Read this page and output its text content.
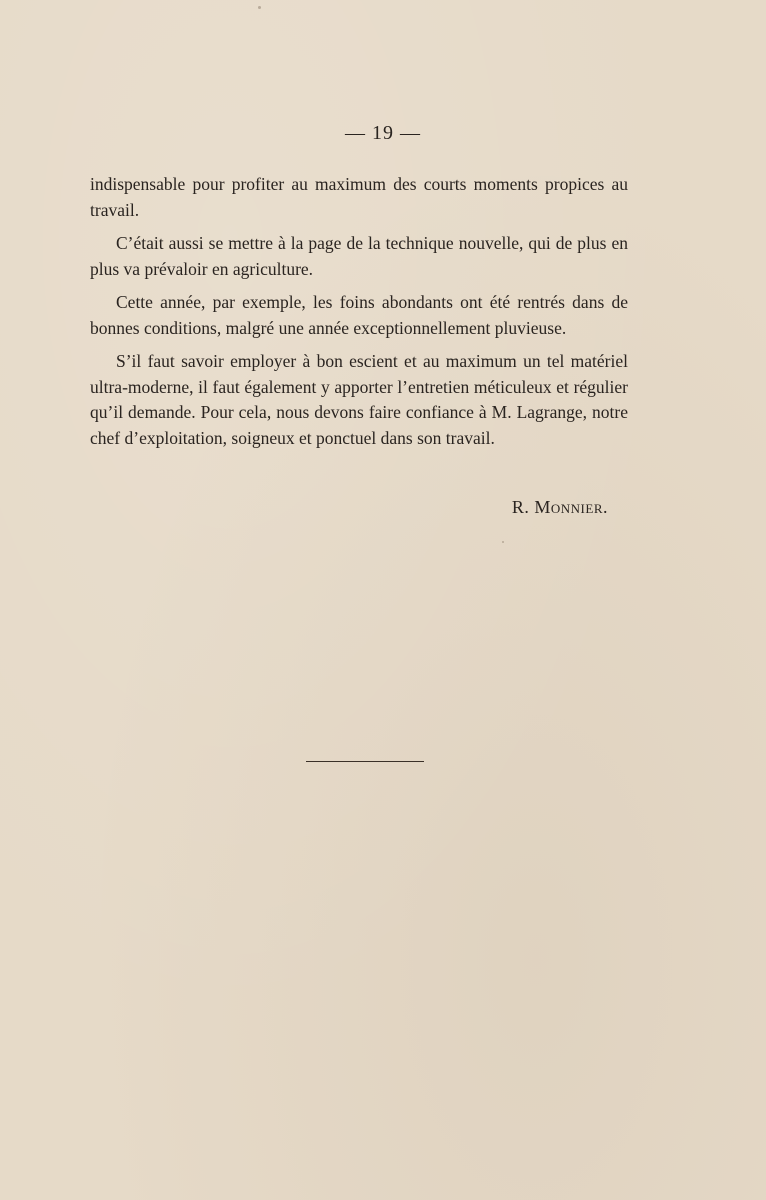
— 19 —

indispensable pour profiter au maximum des courts moments propices au travail.

C’était aussi se mettre à la page de la technique nouvelle, qui de plus en plus va prévaloir en agriculture.

Cette année, par exemple, les foins abondants ont été rentrés dans de bonnes conditions, malgré une année exceptionnellement pluvieuse.

S’il faut savoir employer à bon escient et au maximum un tel matériel ultra-moderne, il faut également y apporter l’entretien méticuleux et régulier qu’il demande. Pour cela, nous devons faire confiance à M. Lagrange, notre chef d’exploitation, soigneux et ponctuel dans son travail.

R. Monnier.
